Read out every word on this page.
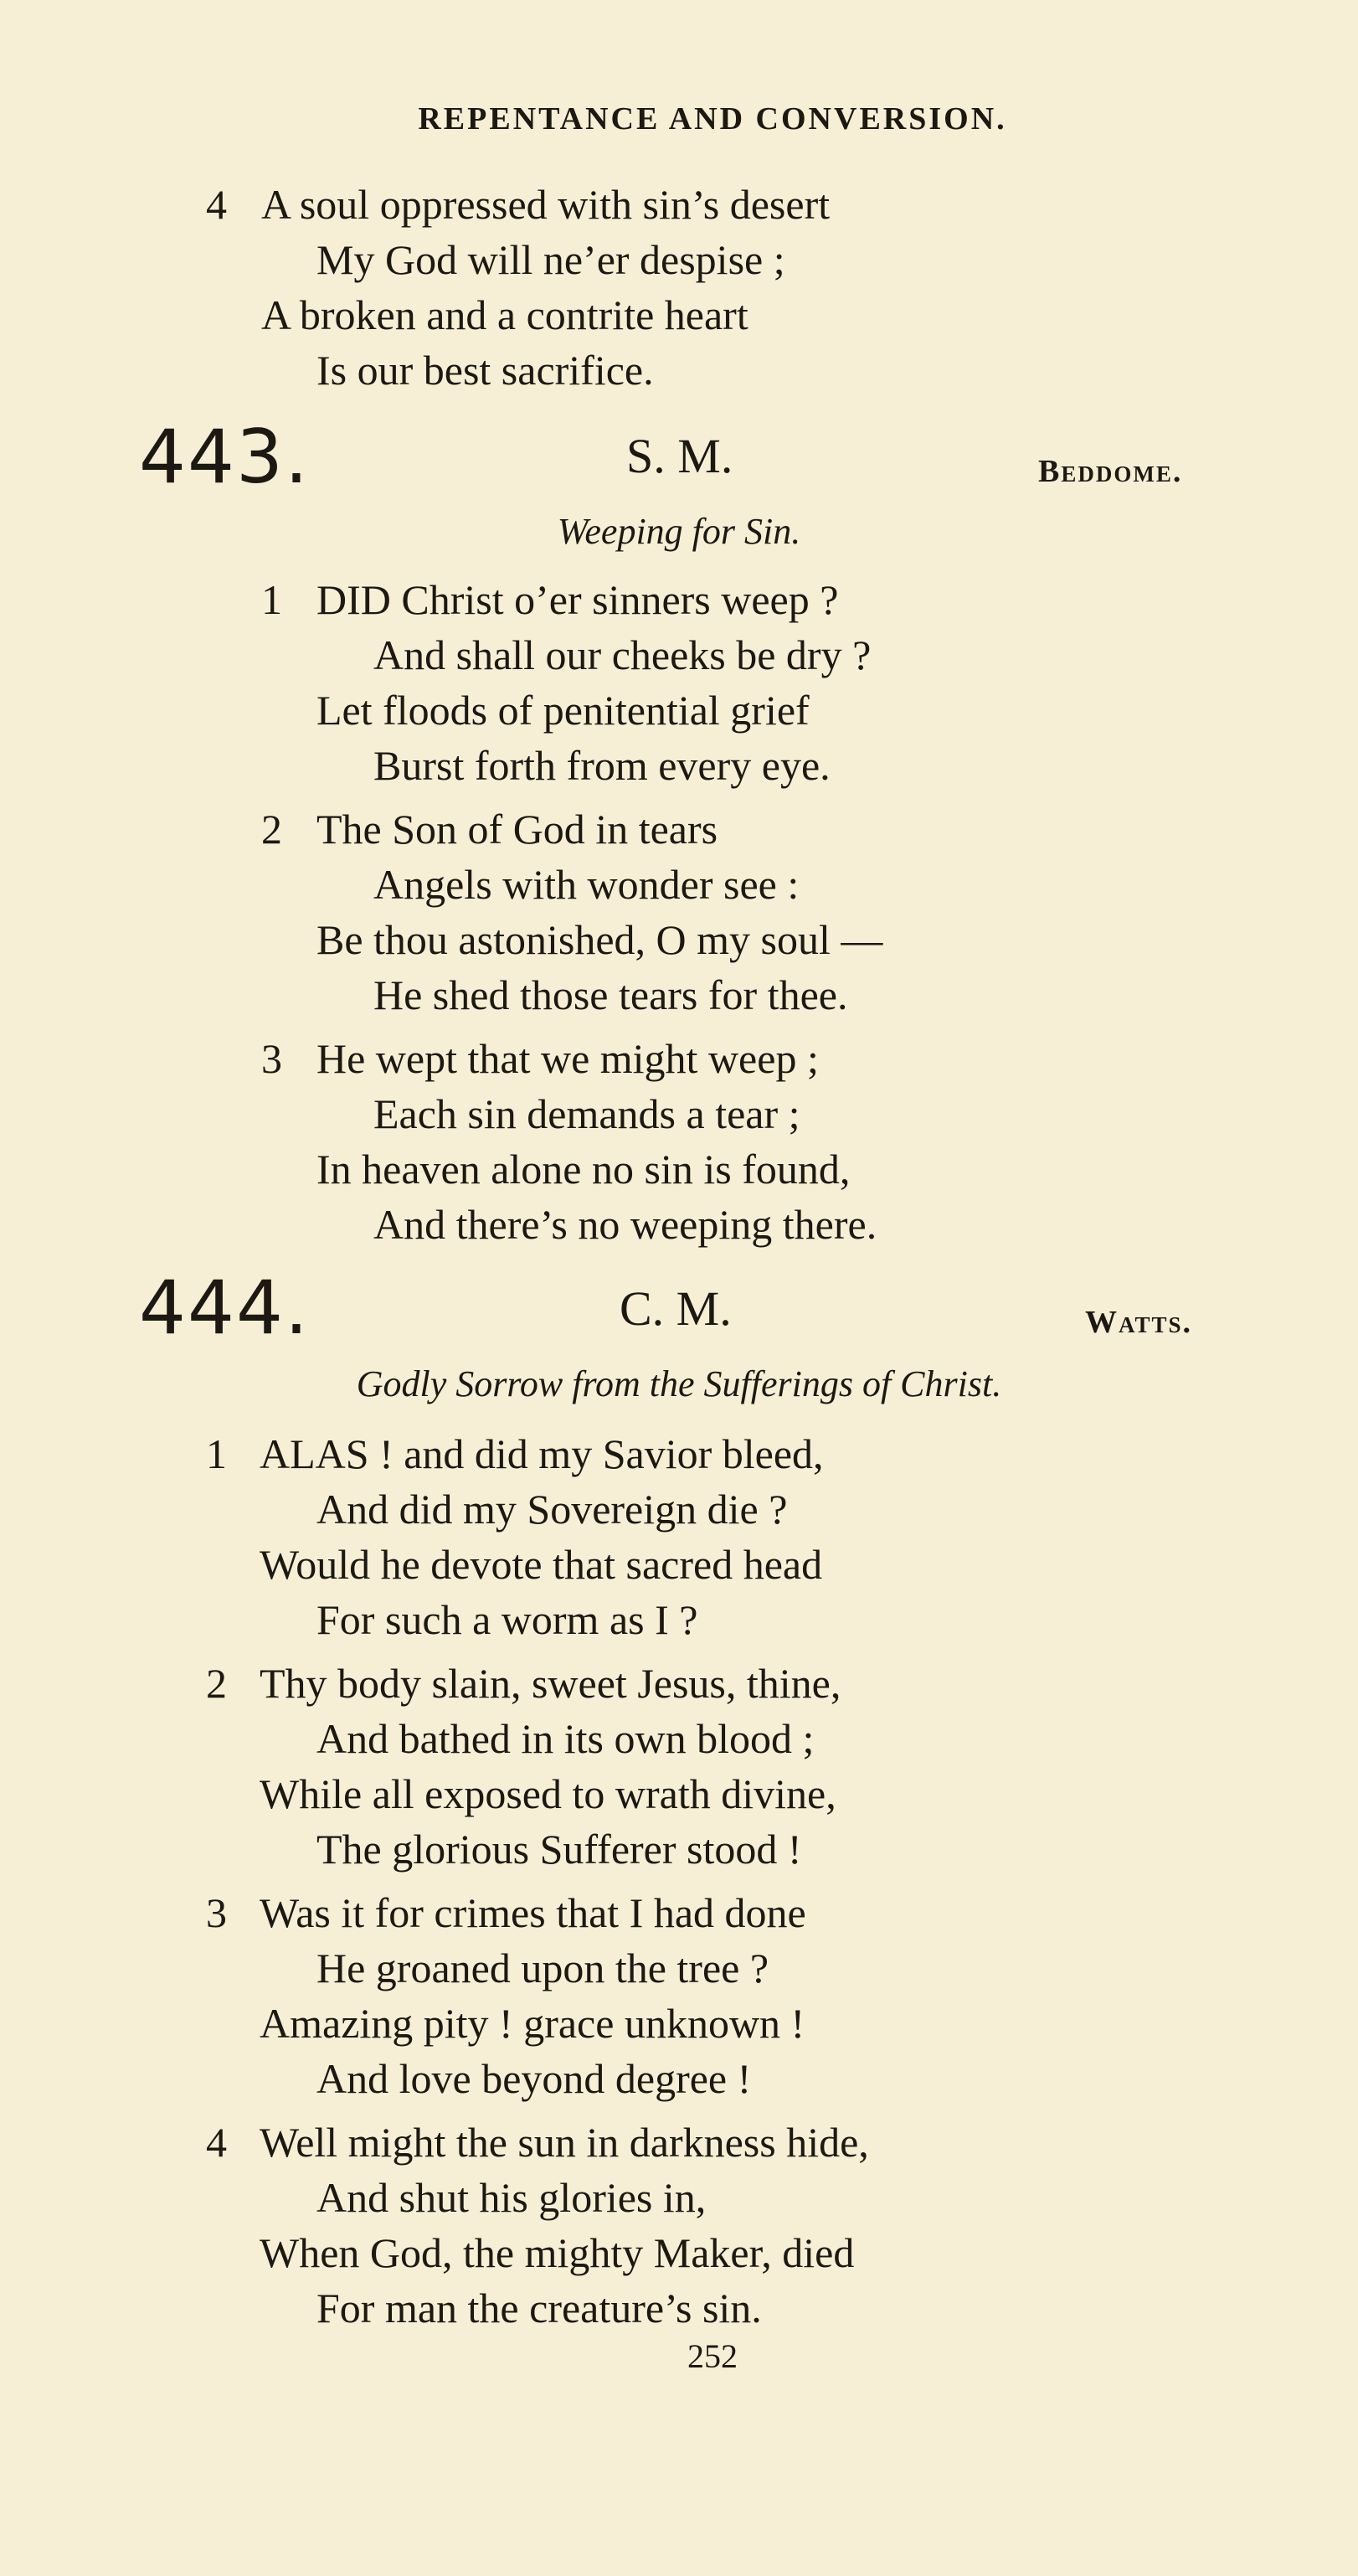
REPENTANCE AND CONVERSION.
4 A soul oppressed with sin’s desert
My God will ne’er despise ;
A broken and a contrite heart
Is our best sacrifice.
443.	S. M.	Beddome.
Weeping for Sin.
1 DID Christ o’er sinners weep ?
And shall our cheeks be dry ?
Let floods of penitential grief
Burst forth from every eye.
2 The Son of God in tears
Angels with wonder see :
Be thou astonished, O my soul —
He shed those tears for thee.
3 He wept that we might weep ;
Each sin demands a tear ;
In heaven alone no sin is found,
And there’s no weeping there.
444.	C. M.	Watts.
Godly Sorrow from the Sufferings of Christ.
1 ALAS ! and did my Savior bleed,
And did my Sovereign die ?
Would he devote that sacred head
For such a worm as I ?
2 Thy body slain, sweet Jesus, thine,
And bathed in its own blood ;
While all exposed to wrath divine,
The glorious Sufferer stood !
3 Was it for crimes that I had done
He groaned upon the tree ?
Amazing pity ! grace unknown !
And love beyond degree !
4 Well might the sun in darkness hide,
And shut his glories in,
When God, the mighty Maker, died
For man the creature’s sin.
252
